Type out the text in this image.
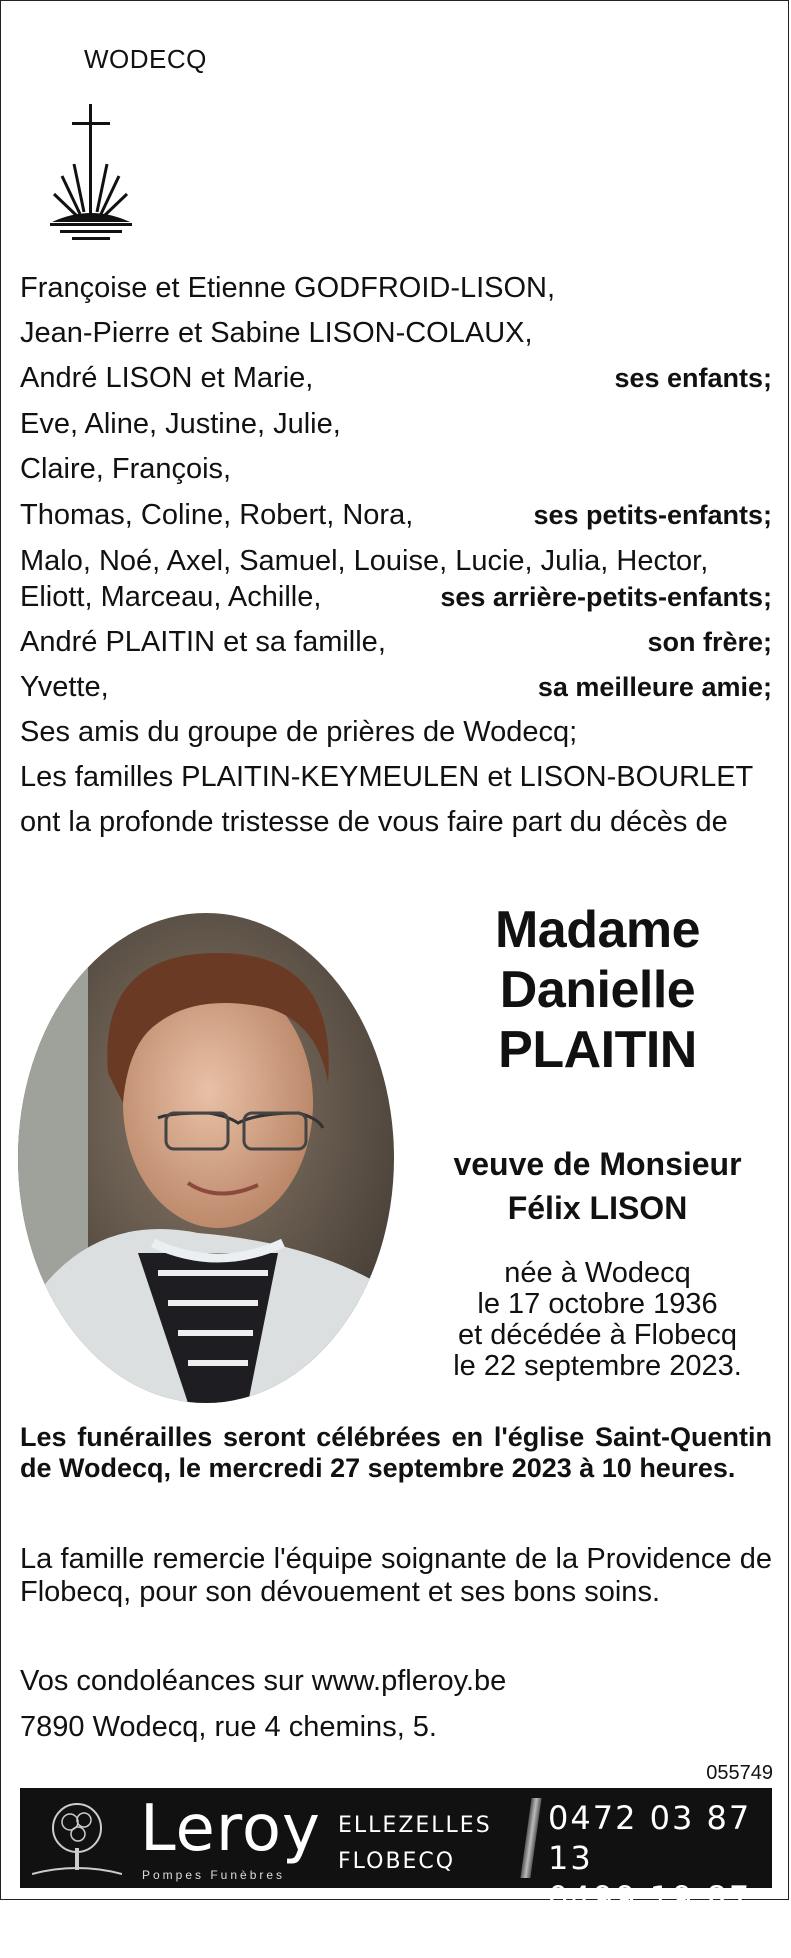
WODECQ
Françoise et Etienne GODFROID-LISON,
Jean-Pierre et Sabine LISON-COLAUX,
André LISON et Marie,	ses enfants;
Eve, Aline, Justine, Julie,
Claire, François,
Thomas, Coline, Robert, Nora,	ses petits-enfants;
Malo, Noé, Axel, Samuel, Louise, Lucie, Julia, Hector,
Eliott, Marceau, Achille,	ses arrière-petits-enfants;
André PLAITIN et sa famille,	son frère;
Yvette,	sa meilleure amie;
Ses amis du groupe de prières de Wodecq;
Les familles PLAITIN-KEYMEULEN et LISON-BOURLET
ont la profonde tristesse de vous faire part du décès de
Madame
Danielle
PLAITIN
veuve de Monsieur
Félix LISON
née à Wodecq
le 17 octobre 1936
et décédée à Flobecq
le 22 septembre 2023.
Les funérailles seront célébrées en l'église Saint-Quentin de Wodecq, le mercredi 27 septembre 2023 à 10 heures.
La famille remercie l'équipe soignante de la Providence de Flobecq, pour son dévouement et ses bons soins.
Vos condoléances sur www.pfleroy.be
7890 Wodecq, rue 4 chemins, 5.
055749
Leroy
Pompes Funèbres
ELLEZELLES
FLOBECQ
0472 03 87 13
0499 19 87 14
